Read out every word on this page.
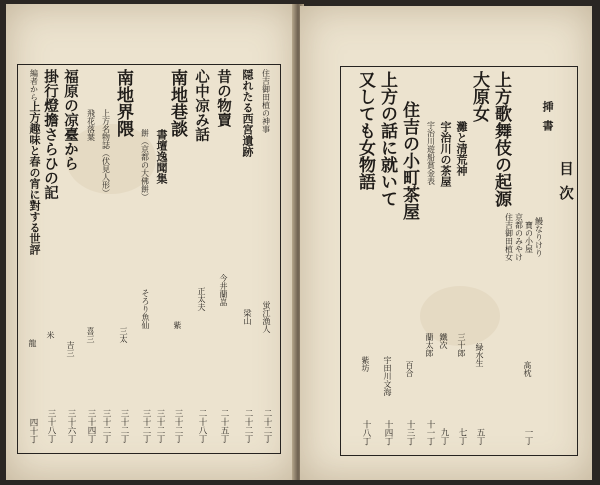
住吉御田植の神事
蛍江漁人
二十二丁
隠れたる西宮遺跡
梁山
二十二丁
昔の物賣
今井蘭嵓
二十五丁
心中凉み話
正太夫
二十八丁
南地巷談
紫
三十二丁
書壇逸聞集
三十二丁
餅（京都の大佛餅）
そろり魚仙
三十二丁
南地界隈
三太
三十二丁
上方名物誌（伏見人形）
三十二丁
飛花落葉
喜三
三十四丁
福原の凉臺から
吉三
三十六丁
掛行燈擔さらひの記
米
三十八丁
編者から
上方趣味と春の宵に對する世評
龍
四十丁
目次
挿書
住吉御田植女 京都のみやけ 寶の小屋 鰻なりけり
髙枕
一丁
上方歌舞伎の起源
大原女
緑水生
五丁
灘と清荒神
三十郎
七丁
宇治川の茶屋
鐵次
九丁
宇治川遊船賞金表
蘭太郎
十一丁
住吉の小町茶屋
百合
十三丁
上方の話に就いて
宇田川文海
十四丁
又しても女物語
紫坊
十八丁
